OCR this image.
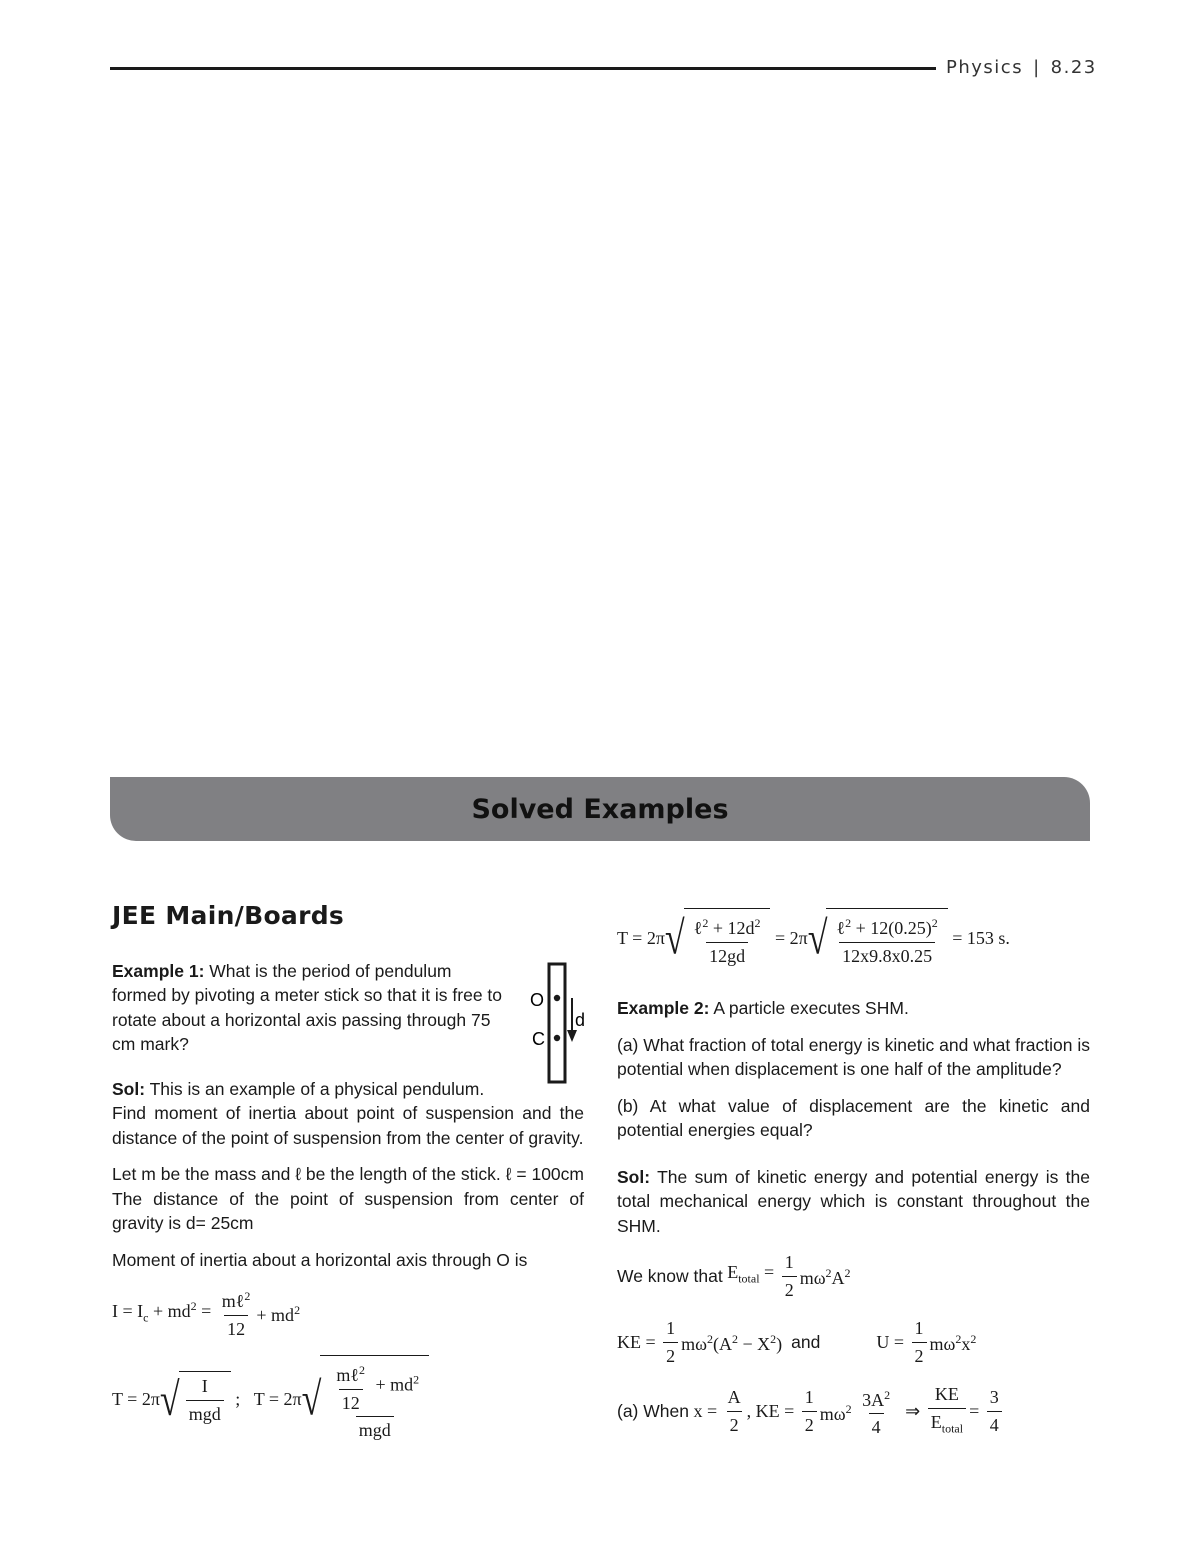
Physics | 8.23
Solved Examples
JEE Main/Boards

Example 1: What is the period of pendulum formed by pivoting a meter stick so that it is free to rotate about a horizontal axis passing through 75 cm mark?

Sol: This is an example of a physical pendulum.

Find moment of inertia about point of suspension and the distance of the point of suspension from the center of gravity.

Let m be the mass and ℓ be the length of the stick. ℓ = 100cm The distance of the point of suspension from center of gravity is d= 25cm

Moment of inertia about a horizontal axis through O is

$I = I_c + md^2 = \frac{m\ell^2}{12} + md^2$
T = 2π √ $\frac{I}{\text{mgd}}$ ;   T = 2π √ $\frac{\frac{m\ell^2}{12} + md^2}{\text{mgd}}$
O
C
d
T = 2π √ $\frac{\ell^2 + 12d^2}{12gd} = 2\pi$ √ $\frac{\ell^2 + 12(0.25)^2}{12x9.8x0.25} = 153$ s.

Example 2: A particle executes SHM.

(a) What fraction of total energy is kinetic and what fraction is potential when displacement is one half of the amplitude?

(b) At what value of displacement are the kinetic and potential energies equal?

Sol: The sum of kinetic energy and potential energy is the total mechanical energy which is constant throughout the SHM.

We know that $E_{total} = \frac{1}{2} m\omega^2A^2$
KE = $\frac{1}{2} m\omega^2(A^2 - X^2)$ and	$U = \frac{1}{2} m\omega^2x^2$
(a) When $x = \frac{A}{2}$ , KE = $\frac{1}{2} m\omega^2 \frac{3A^2}{4}$ ⇒ $\frac{KE}{E_{total}} = \frac{3}{4}$
